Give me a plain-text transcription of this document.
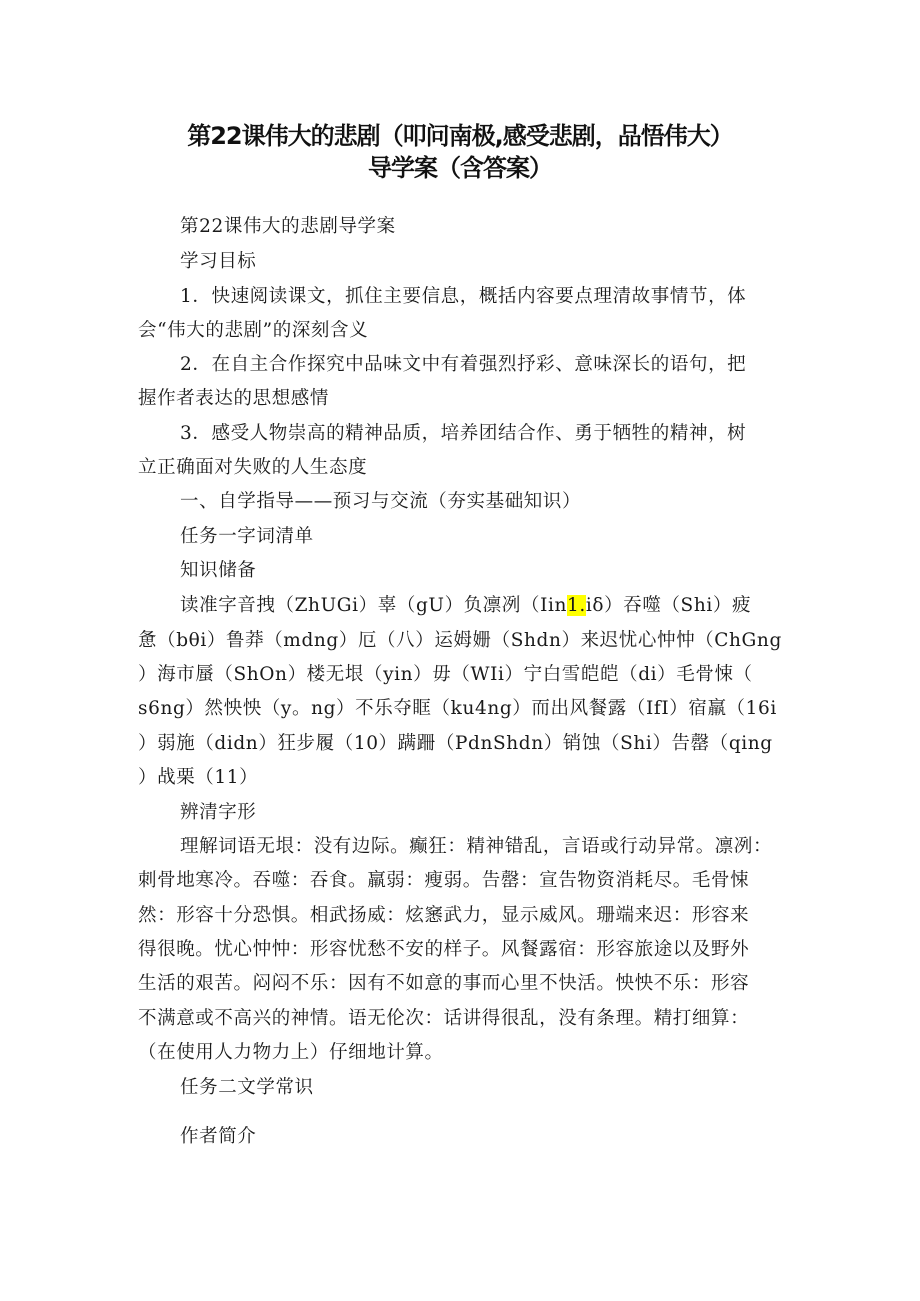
第22课伟大的悲剧（叩问南极,感受悲剧，品悟伟大）
导学案（含答案）
第22课伟大的悲剧导学案
学习目标
1．快速阅读课文，抓住主要信息，概括内容要点理清故事情节，体
会“伟大的悲剧”的深刻含义
2．在自主合作探究中品味文中有着强烈抒彩、意味深长的语句，把
握作者表达的思想感情
3．感受人物崇高的精神品质，培养团结合作、勇于牺牲的精神，树
立正确面对失败的人生态度
一、自学指导——预习与交流（夯实基础知识）
任务一字词清单
知识储备
读准字音拽（ZhUGi）辜（gU）负凛冽（Iin1.iδ）吞噬（Shi）疲
惫（bθi）鲁莽（mdng）厄（八）运姆姗（Shdn）来迟忧心忡忡（ChGng
）海市蜃（ShOn）楼无垠（yin）毋（WIi）宁白雪皑皑（di）毛骨悚（
s6ng）然怏怏（y。ng）不乐夺眶（ku4ng）而出风餐露（IfI）宿羸（16i
）弱施（didn）狂步履（10）蹒跚（PdnShdn）销蚀（Shi）告罄（qing
）战栗（11）
辨清字形
理解词语无垠：没有边际。癫狂：精神错乱，言语或行动异常。凛冽：
刺骨地寒冷。吞噬：吞食。羸弱：瘦弱。告罄：宣告物资消耗尽。毛骨悚
然：形容十分恐惧。相武扬威：炫窸武力，显示威风。珊端来迟：形容来
得很晚。忧心忡忡：形容忧愁不安的样子。风餐露宿：形容旅途以及野外
生活的艰苦。闷闷不乐：因有不如意的事而心里不快活。怏怏不乐：形容
不满意或不高兴的神情。语无伦次：话讲得很乱，没有条理。精打细算：
（在使用人力物力上）仔细地计算。
任务二文学常识
作者简介
